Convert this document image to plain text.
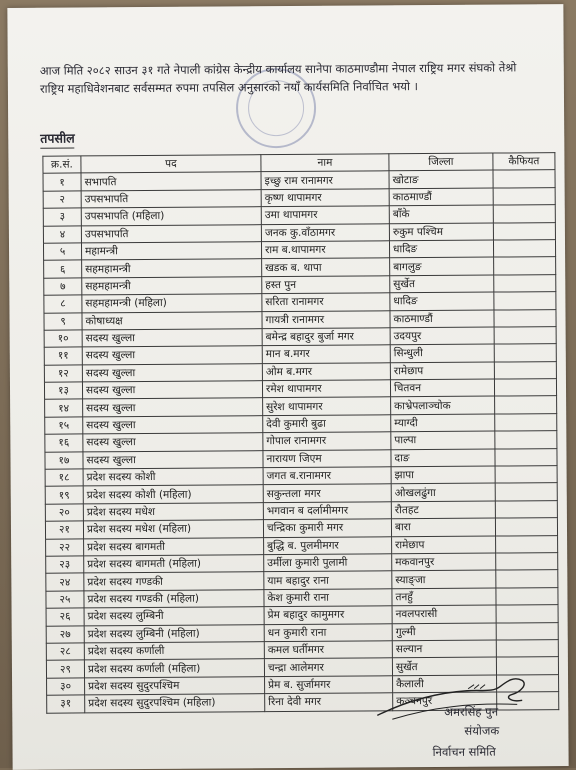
आज मिति २०८२ साउन ३१ गते नेपाली कांग्रेस केन्द्रीय कार्यालय सानेपा काठमाण्डौमा नेपाल राष्ट्रिय मगर संघको तेश्रो राष्ट्रिय महाधिवेशनबाट सर्वसम्मत रुपमा तपसिल अनुसारको नयाँ कार्यसमिति निर्वाचित भयो ।
तपसील
क्र.सं.	पद	नाम	जिल्ला	कैफियत
१	सभापति	इच्छु राम रानामगर	खोटाङ	
२	उपसभापति	कृष्ण थापामगर	काठमाण्डौं	
३	उपसभापति (महिला)	उमा थापामगर	बाँके	
४	उपसभापति	जनक कु.वाँठामगर	रुकुम पश्चिम	
५	महामन्त्री	राम ब.थापामगर	धादिङ	
६	सहमहामन्त्री	खडक ब. थापा	बागलुङ	
७	सहमहामन्त्री	हस्त पुन	सुर्खेत	
८	सहमहामन्त्री (महिला)	सरिता रानामगर	धादिङ	
९	कोषाध्यक्ष	गायत्री रानामगर	काठमाण्डौं	
१०	सदस्य खुल्ला	बमेन्द्र बहादुर बुर्जा मगर	उदयपुर	
११	सदस्य खुल्ला	मान ब.मगर	सिन्धुली	
१२	सदस्य खुल्ला	ओम ब.मगर	रामेछाप	
१३	सदस्य खुल्ला	रमेश थापामगर	चितवन	
१४	सदस्य खुल्ला	सुरेश थापामगर	काभ्रेपलाञ्चोक	
१५	सदस्य खुल्ला	देवी कुमारी बुढा	म्याग्दी	
१६	सदस्य खुल्ला	गोपाल रानामगर	पाल्पा	
१७	सदस्य खुल्ला	नारायण जिएम	दाङ	
१८	प्रदेश सदस्य कोशी	जगत ब.रानामगर	झापा	
१९	प्रदेश सदस्य कोशी (महिला)	सकुन्तला मगर	ओखलढुंगा	
२०	प्रदेश सदस्य मधेश	भगवान ब दर्लामीमगर	रौतहट	
२१	प्रदेश सदस्य मधेश (महिला)	चन्द्रिका कुमारी मगर	बारा	
२२	प्रदेश सदस्य बागमती	बुद्धि ब. पुलमीमगर	रामेछाप	
२३	प्रदेश सदस्य बागमती (महिला)	उर्मीला कुमारी पुलामी	मकवानपुर	
२४	प्रदेश सदस्य गण्डकी	याम बहादुर राना	स्याङ्जा	
२५	प्रदेश सदस्य गण्डकी (महिला)	केश कुमारी राना	तनहुँ	
२६	प्रदेश सदस्य लुम्बिनी	प्रेम बहादुर कामुमगर	नवलपरासी	
२७	प्रदेश सदस्य लुम्बिनी (महिला)	धन कुमारी राना	गुल्मी	
२८	प्रदेश सदस्य कर्णाली	कमल घर्तीमगर	सल्यान	
२९	प्रदेश सदस्य कर्णाली (महिला)	चन्द्रा आलेमगर	सुर्खेत	
३०	प्रदेश सदस्य सुदुरपश्चिम	प्रेम ब. सुर्जामगर	कैलाली	
३१	प्रदेश सदस्य सुदुरपश्चिम (महिला)	रिना देवी मगर	कञ्चनपुर	
अमरसिंह पुन
संयोजक
निर्वाचन समिति
